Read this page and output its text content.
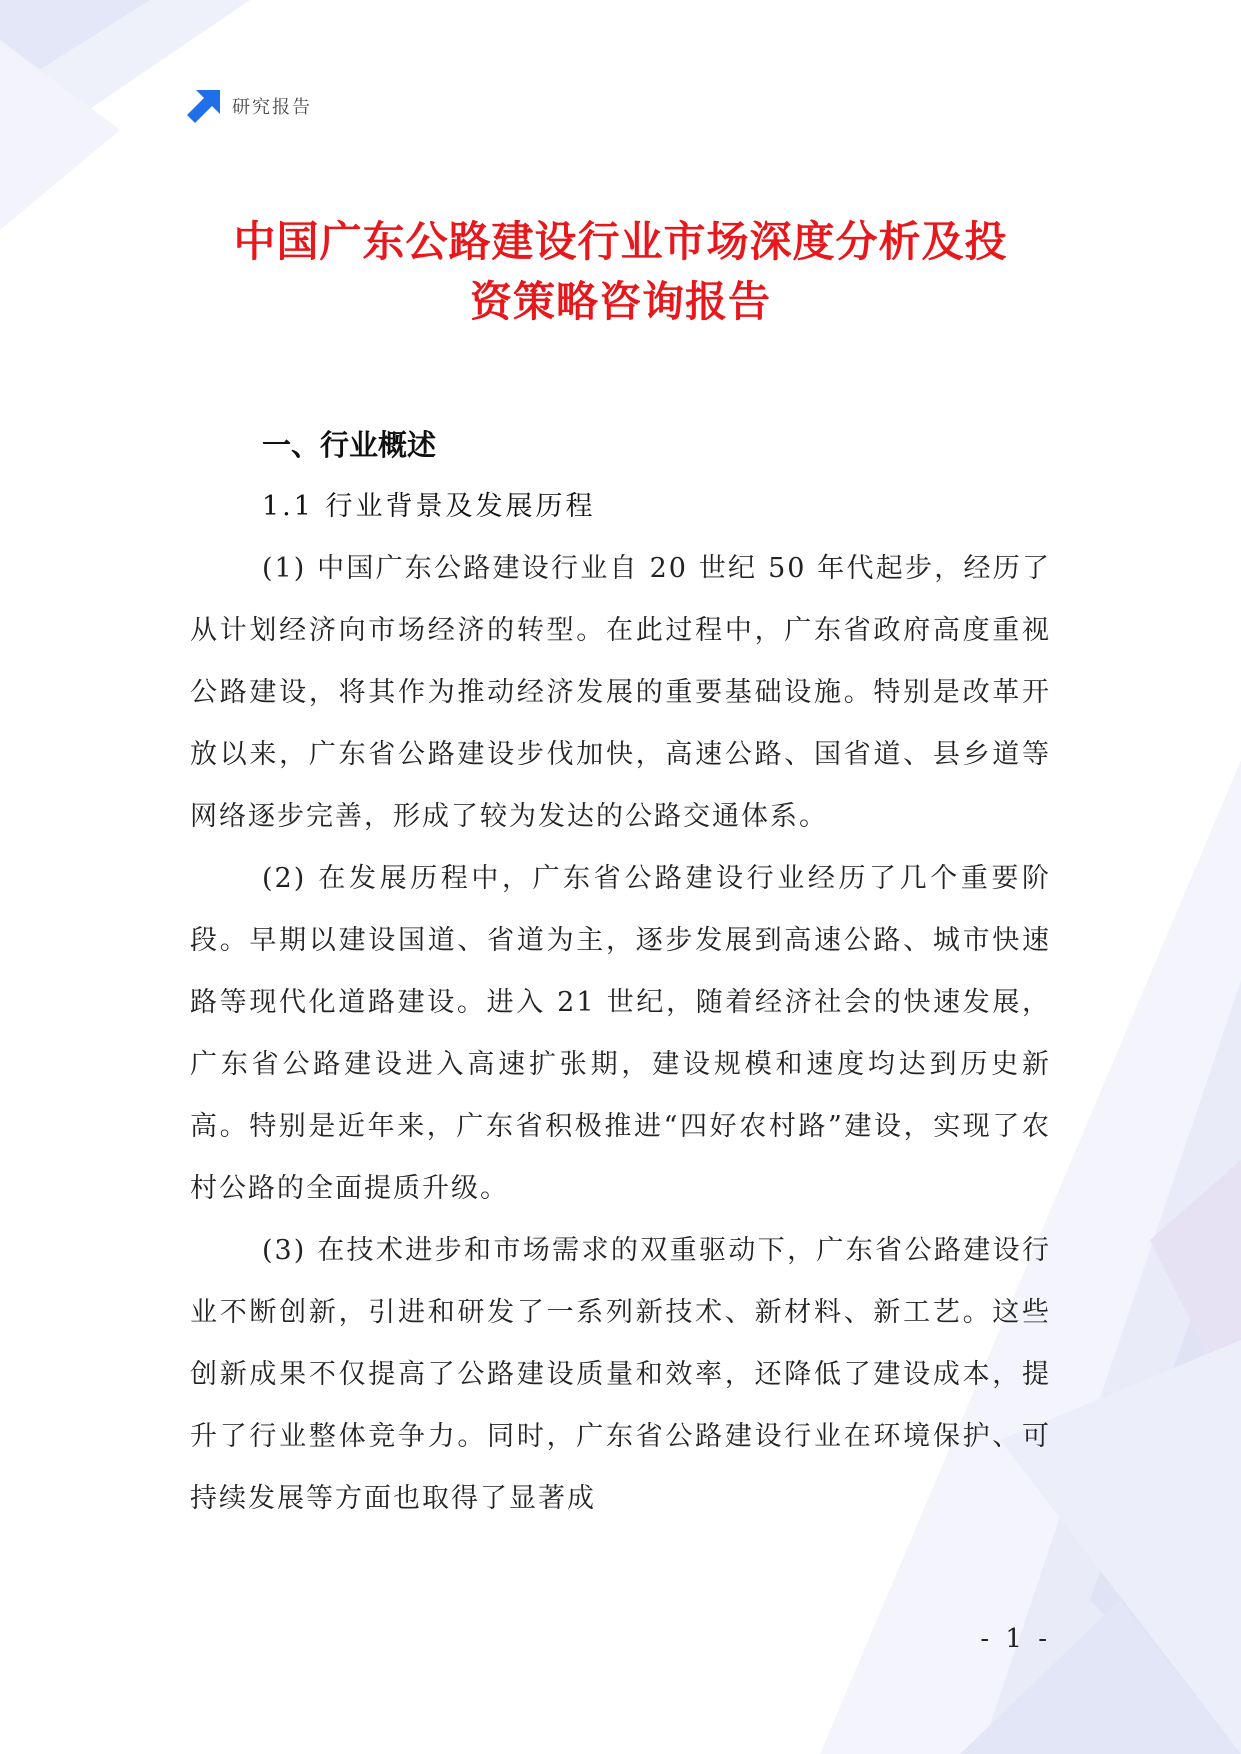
研究报告
中国广东公路建设行业市场深度分析及投
资策略咨询报告
一、行业概述
1.1 行业背景及发展历程

(1) 中国广东公路建设行业自 20 世纪 50 年代起步，经历了从计划经济向市场经济的转型。在此过程中，广东省政府高度重视公路建设，将其作为推动经济发展的重要基础设施。特别是改革开放以来，广东省公路建设步伐加快，高速公路、国省道、县乡道等网络逐步完善，形成了较为发达的公路交通体系。

(2) 在发展历程中，广东省公路建设行业经历了几个重要阶段。早期以建设国道、省道为主，逐步发展到高速公路、城市快速路等现代化道路建设。进入 21 世纪，随着经济社会的快速发展，广东省公路建设进入高速扩张期，建设规模和速度均达到历史新高。特别是近年来，广东省积极推进“四好农村路”建设，实现了农村公路的全面提质升级。

(3) 在技术进步和市场需求的双重驱动下，广东省公路建设行业不断创新，引进和研发了一系列新技术、新材料、新工艺。这些创新成果不仅提高了公路建设质量和效率，还降低了建设成本，提升了行业整体竞争力。同时，广东省公路建设行业在环境保护、可持续发展等方面也取得了显著成

- 1 -
